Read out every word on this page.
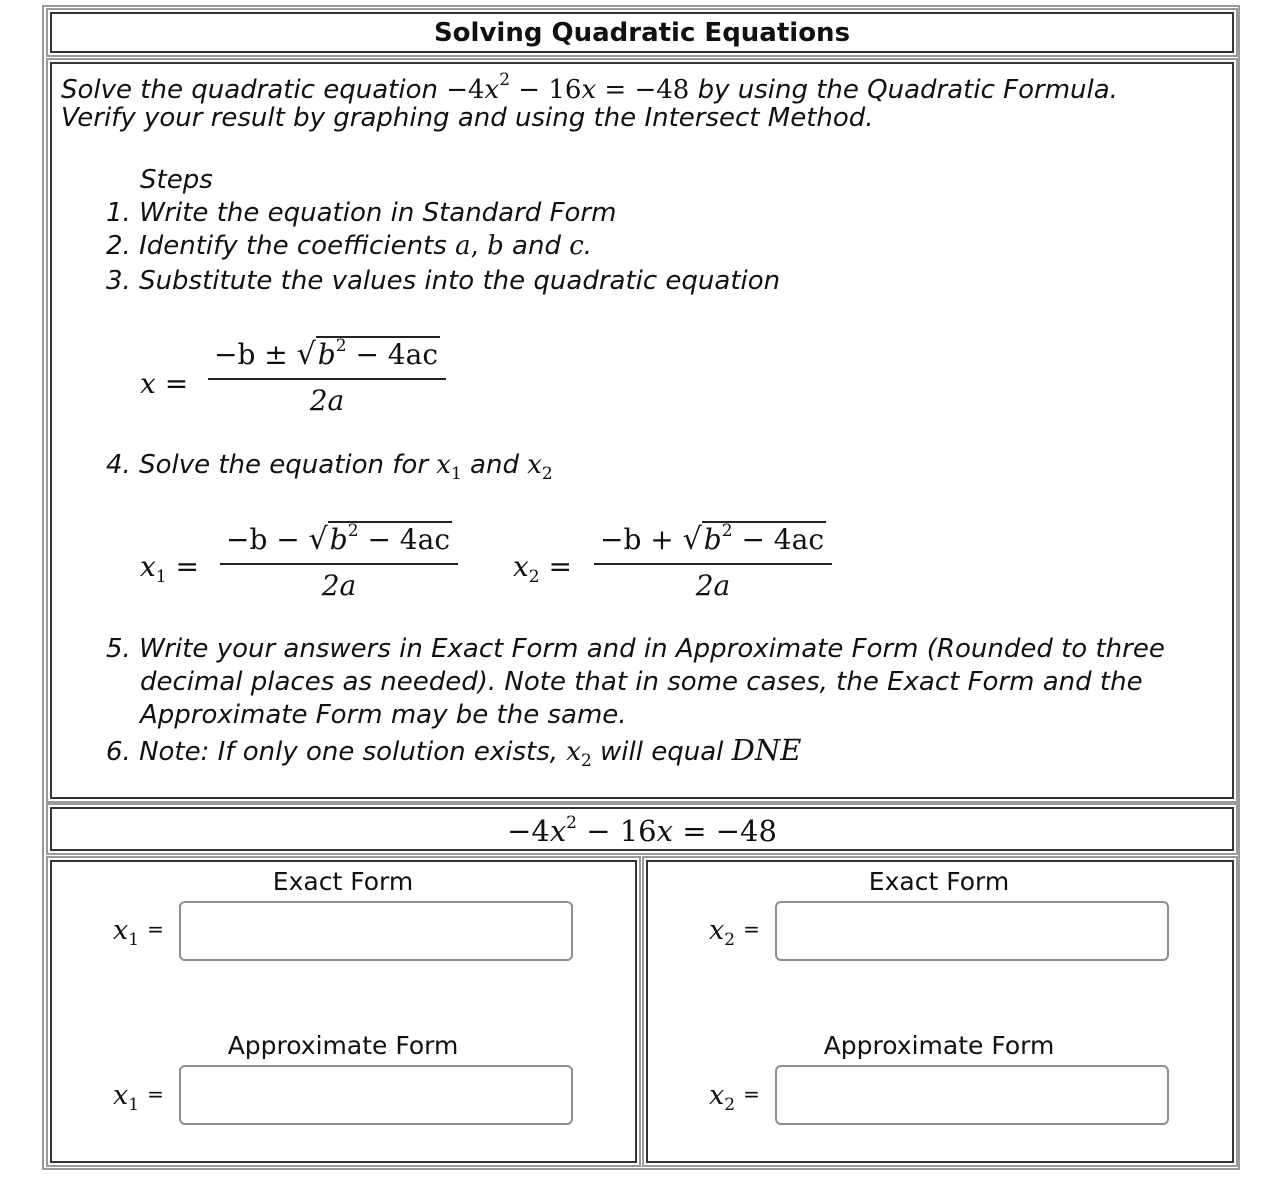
Solving Quadratic Equations
Solve the quadratic equation $-4x^2 - 16x = -48$ by using the Quadratic Formula.
Verify your result by graphing and using the Intersect Method.
Steps
1. Write the equation in Standard Form
2. Identify the coefficients a, b and c.
3. Substitute the values into the quadratic equation
x =
$-b \pm √b^2 - 4ac$
2a
4. Solve the equation for $x_1$ and $x_2$
$x_1$ =
$-b - √b^2 - 4ac$
2a
$x_2$ =
$-b + √b^2 - 4ac$
2a
5. Write your answers in Exact Form and in Approximate Form (Rounded to three
decimal places as needed). Note that in some cases, the Exact Form and the
Approximate Form may be the same.
6. Note: If only one solution exists, $x_2$ will equal DNE
$-4x^2 - 16x = -48$
Exact Form
$x_1$ =
Approximate Form
$x_1$ =
Exact Form
$x_2$ =
Approximate Form
$x_2$ =
